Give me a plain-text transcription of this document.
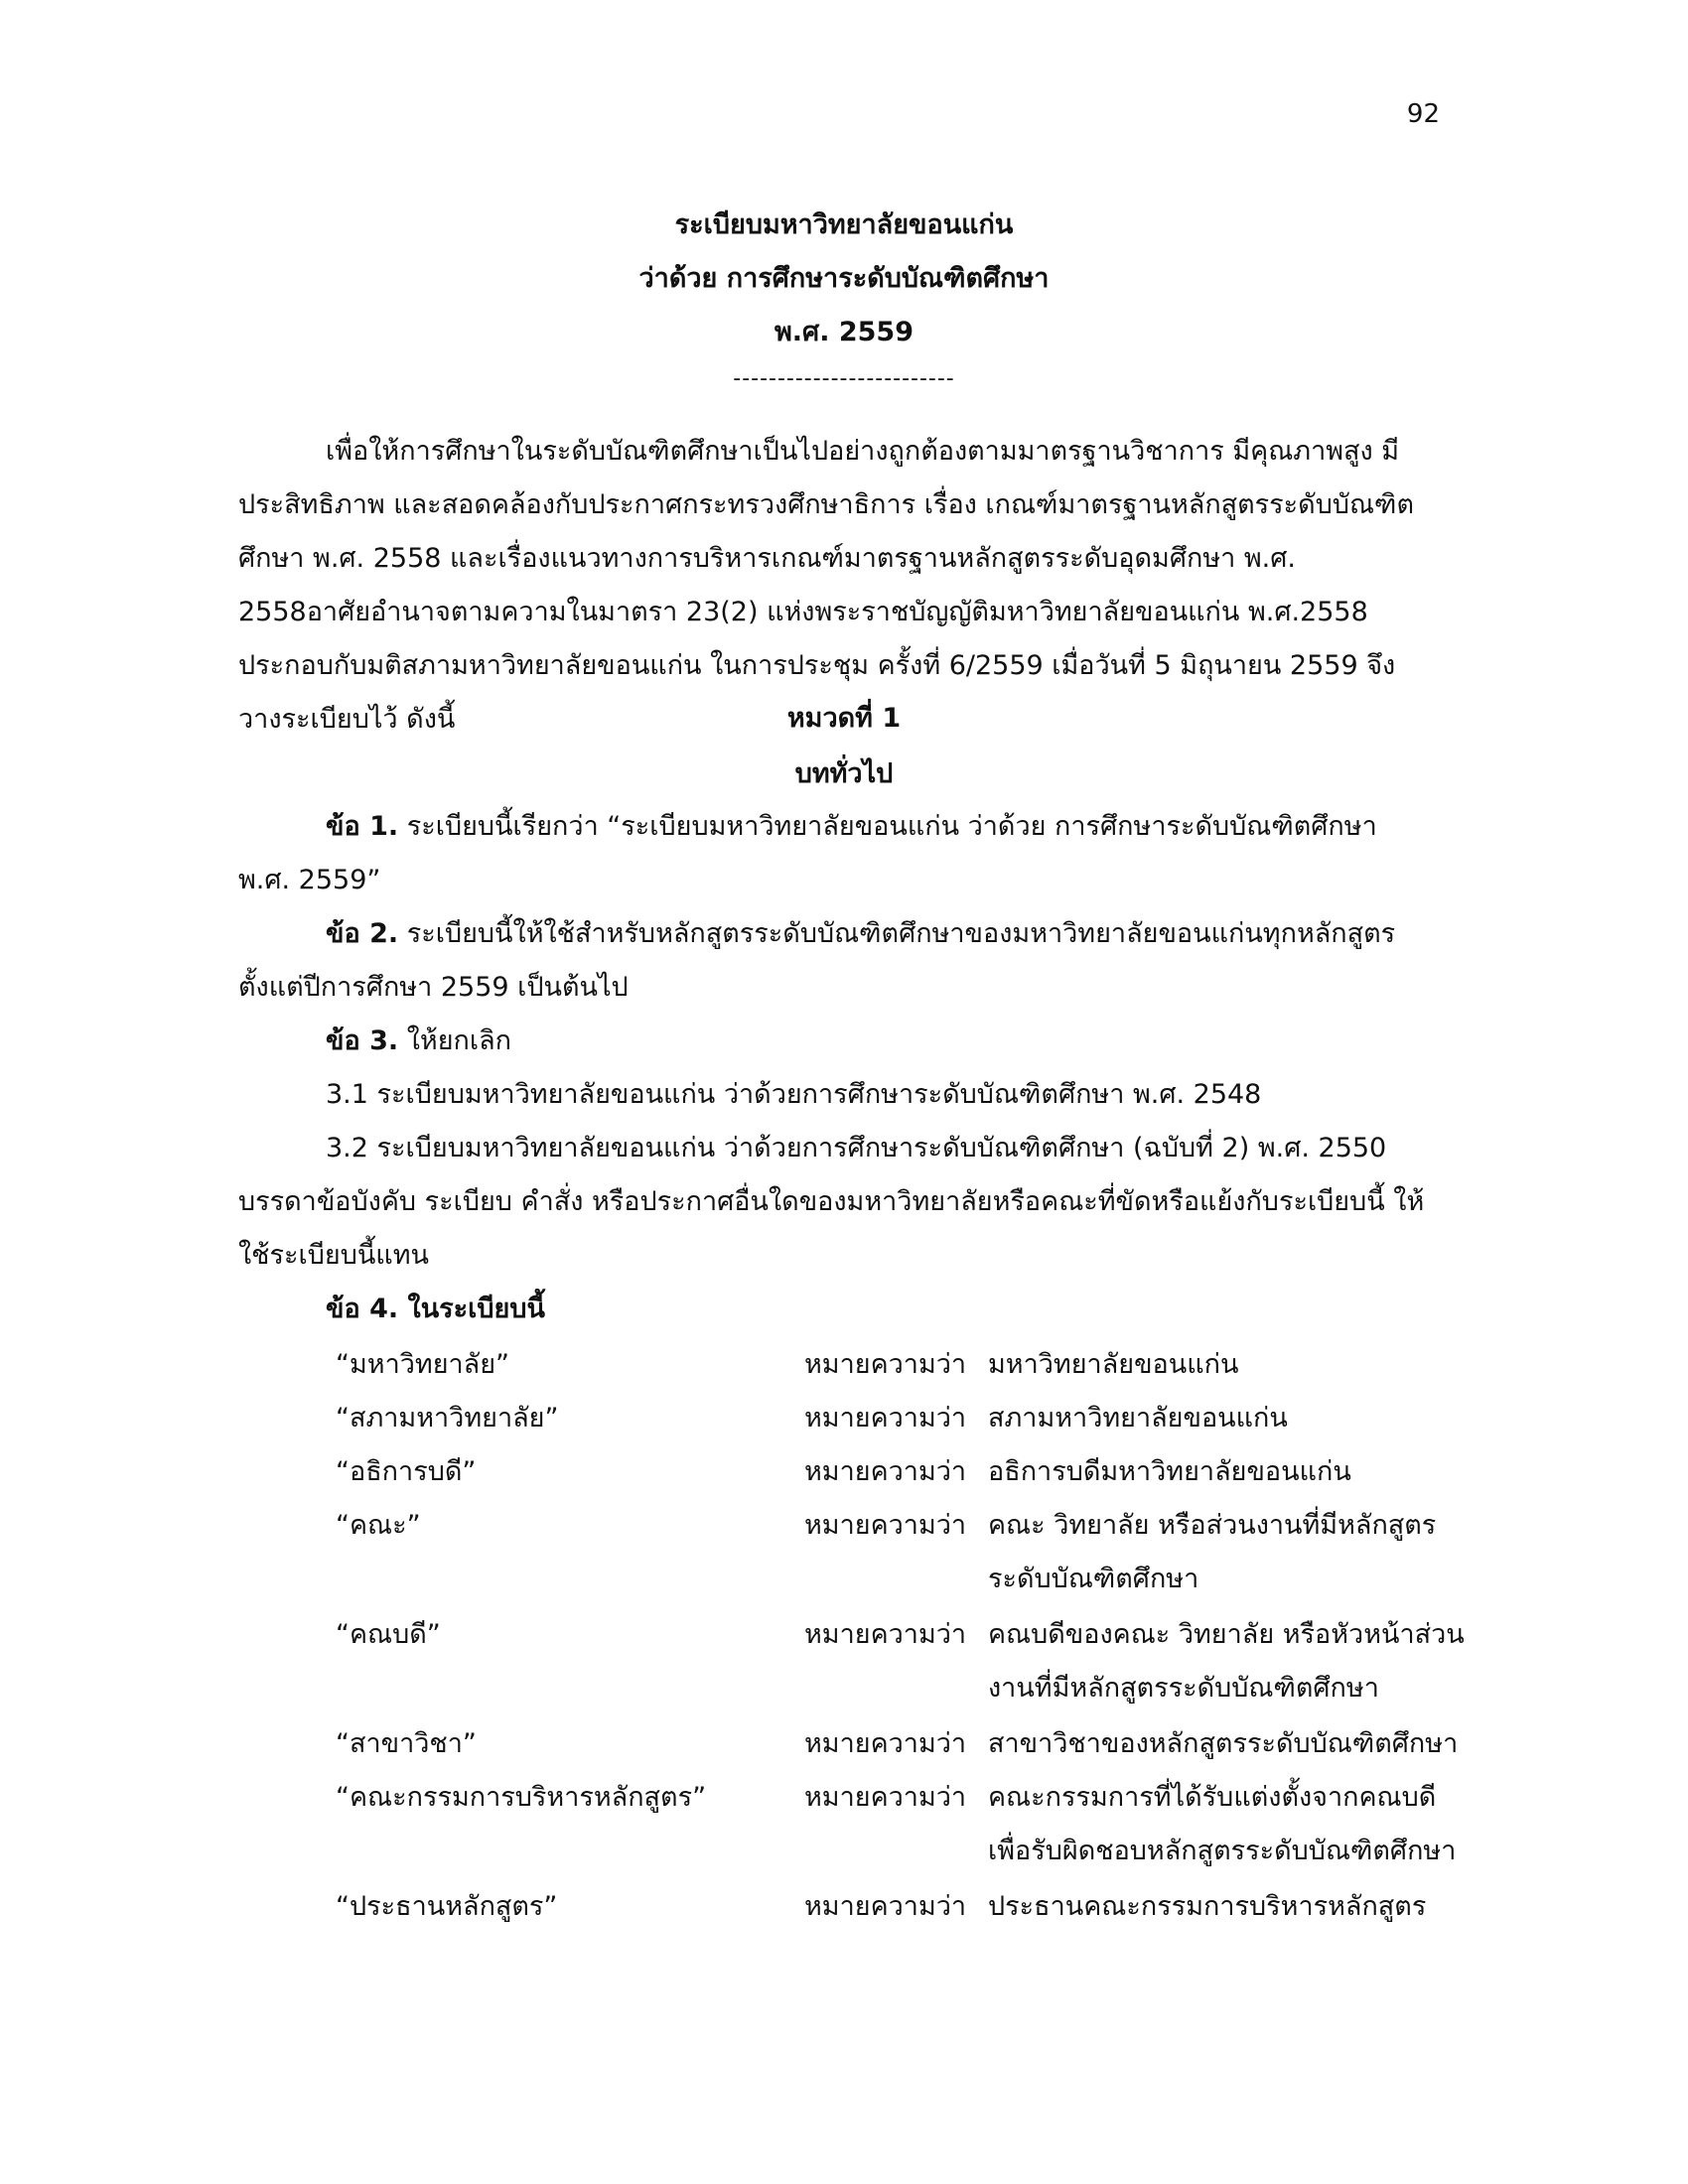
92
ระเบียบมหาวิทยาลัยขอนแก่น
ว่าด้วย การศึกษาระดับบัณฑิตศึกษา
พ.ศ. 2559
-------------------------

เพื่อให้การศึกษาในระดับบัณฑิตศึกษาเป็นไปอย่างถูกต้องตามมาตรฐานวิชาการ มีคุณภาพสูง มีประสิทธิภาพ และสอดคล้องกับประกาศกระทรวงศึกษาธิการ เรื่อง เกณฑ์มาตรฐานหลักสูตรระดับบัณฑิตศึกษา พ.ศ. 2558 และเรื่องแนวทางการบริหารเกณฑ์มาตรฐานหลักสูตรระดับอุดมศึกษา พ.ศ. 2558อาศัยอำนาจตามความในมาตรา 23(2) แห่งพระราชบัญญัติมหาวิทยาลัยขอนแก่น พ.ศ.2558 ประกอบกับมติสภามหาวิทยาลัยขอนแก่น ในการประชุม ครั้งที่ 6/2559 เมื่อวันที่ 5 มิถุนายน 2559 จึงวางระเบียบไว้ ดังนี้	หมวดที่ 1
บททั่วไป

ข้อ 1. ระเบียบนี้เรียกว่า “ระเบียบมหาวิทยาลัยขอนแก่น ว่าด้วย การศึกษาระดับบัณฑิตศึกษา พ.ศ. 2559”

ข้อ 2. ระเบียบนี้ให้ใช้สำหรับหลักสูตรระดับบัณฑิตศึกษาของมหาวิทยาลัยขอนแก่นทุกหลักสูตรตั้งแต่ปีการศึกษา 2559 เป็นต้นไป

ข้อ 3. ให้ยกเลิก

3.1 ระเบียบมหาวิทยาลัยขอนแก่น ว่าด้วยการศึกษาระดับบัณฑิตศึกษา พ.ศ. 2548

3.2 ระเบียบมหาวิทยาลัยขอนแก่น ว่าด้วยการศึกษาระดับบัณฑิตศึกษา (ฉบับที่ 2) พ.ศ. 2550

บรรดาข้อบังคับ ระเบียบ คำสั่ง หรือประกาศอื่นใดของมหาวิทยาลัยหรือคณะที่ขัดหรือแย้งกับระเบียบนี้ ให้ใช้ระเบียบนี้แทน

ข้อ 4. ในระเบียบนี้

“มหาวิทยาลัย”	หมายความว่า มหาวิทยาลัยขอนแก่น
“สภามหาวิทยาลัย”	หมายความว่า สภามหาวิทยาลัยขอนแก่น
“อธิการบดี”	หมายความว่า อธิการบดีมหาวิทยาลัยขอนแก่น
“คณะ”	หมายความว่า คณะ วิทยาลัย หรือส่วนงานที่มีหลักสูตรระดับบัณฑิตศึกษา
“คณบดี”	หมายความว่า คณบดีของคณะ วิทยาลัย หรือหัวหน้าส่วนงานที่มีหลักสูตรระดับบัณฑิตศึกษา
“สาขาวิชา”	หมายความว่า สาขาวิชาของหลักสูตรระดับบัณฑิตศึกษา
“คณะกรรมการบริหารหลักสูตร”	หมายความว่า คณะกรรมการที่ได้รับแต่งตั้งจากคณบดีเพื่อรับผิดชอบหลักสูตรระดับบัณฑิตศึกษา
“ประธานหลักสูตร”	หมายความว่า ประธานคณะกรรมการบริหารหลักสูตร
